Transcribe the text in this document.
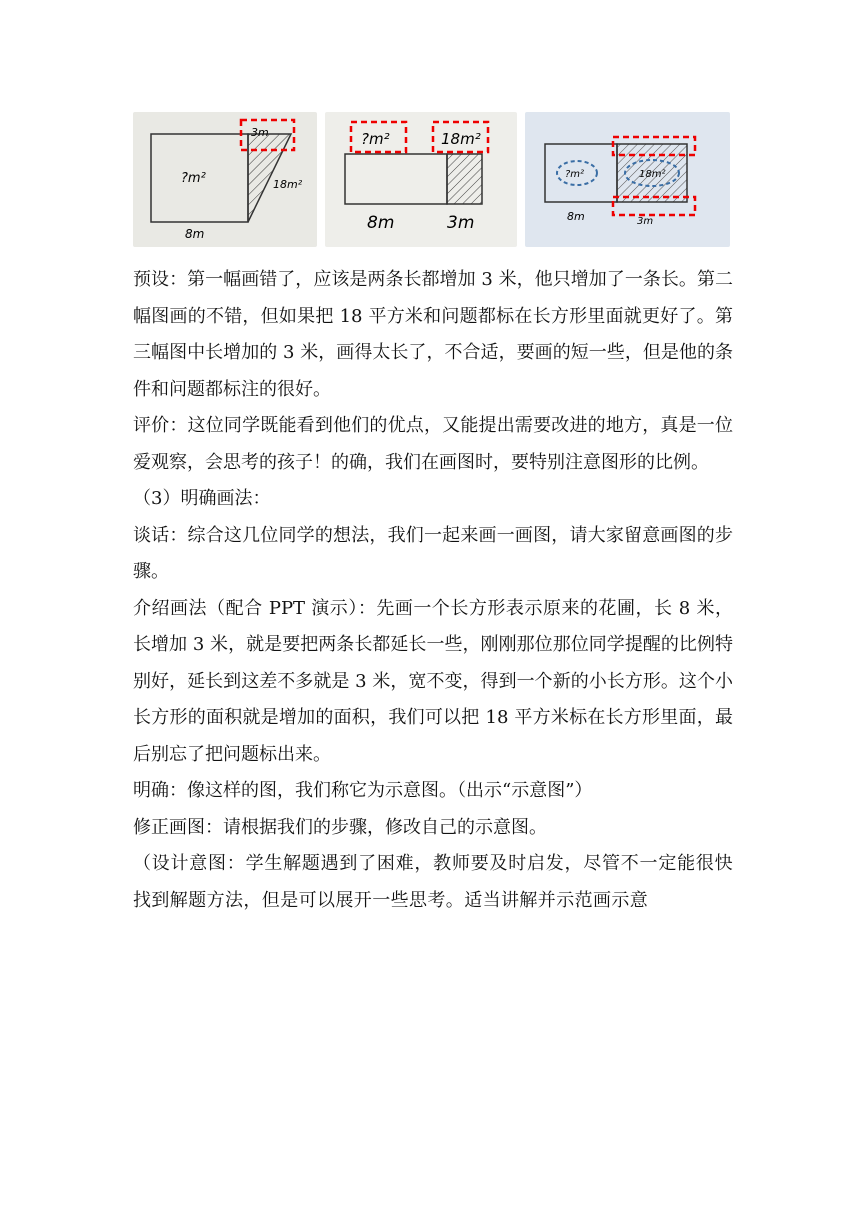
3m
?m²	18m²
8m
?m²	18m²
8m	3m
?m²	18m²
8m	3m

预设：第一幅画错了，应该是两条长都增加 3 米，他只增加了一条长。第二幅图画的不错，但如果把 18 平方米和问题都标在长方形里面就更好了。第三幅图中长增加的 3 米，画得太长了，不合适，要画的短一些，但是他的条件和问题都标注的很好。

评价：这位同学既能看到他们的优点，又能提出需要改进的地方，真是一位爱观察，会思考的孩子！的确，我们在画图时，要特别注意图形的比例。

（3）明确画法：

谈话：综合这几位同学的想法，我们一起来画一画图，请大家留意画图的步骤。

介绍画法（配合 PPT 演示）：先画一个长方形表示原来的花圃，长 8 米，长增加 3 米，就是要把两条长都延长一些，刚刚那位那位同学提醒的比例特别好，延长到这差不多就是 3 米，宽不变，得到一个新的小长方形。这个小长方形的面积就是增加的面积，我们可以把 18 平方米标在长方形里面，最后别忘了把问题标出来。

明确：像这样的图，我们称它为示意图。（出示“示意图”）

修正画图：请根据我们的步骤，修改自己的示意图。

（设计意图：学生解题遇到了困难，教师要及时启发，尽管不一定能很快找到解题方法，但是可以展开一些思考。适当讲解并示范画示意
